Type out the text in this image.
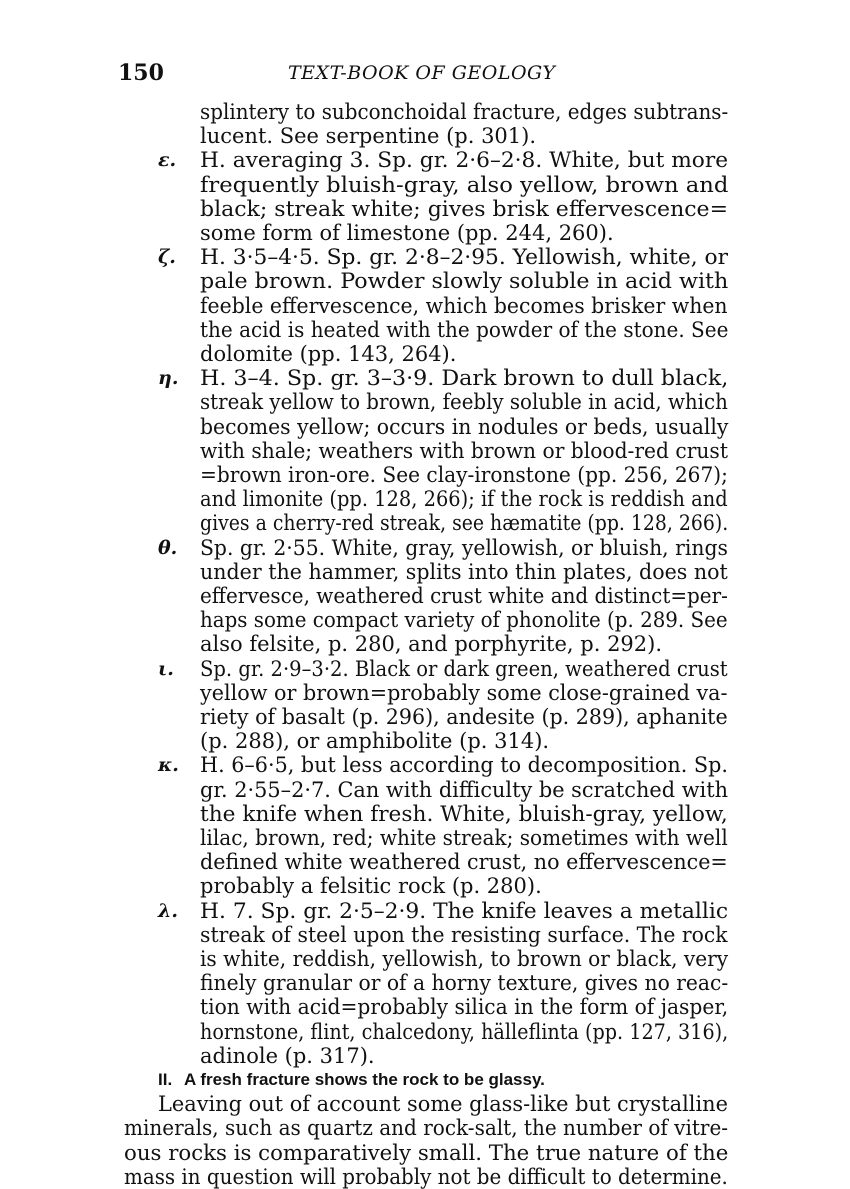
150	TEXT-BOOK OF GEOLOGY
splintery to subconchoidal fracture, edges subtrans-
lucent. See serpentine (p. 301).
ε. H. averaging 3. Sp. gr. 2·6–2·8. White, but more
frequently bluish-gray, also yellow, brown and
black; streak white; gives brisk effervescence=
some form of limestone (pp. 244, 260).
ζ. H. 3·5–4·5. Sp. gr. 2·8–2·95. Yellowish, white, or
pale brown. Powder slowly soluble in acid with
feeble effervescence, which becomes brisker when
the acid is heated with the powder of the stone. See
dolomite (pp. 143, 264).
η. H. 3–4. Sp. gr. 3–3·9. Dark brown to dull black,
streak yellow to brown, feebly soluble in acid, which
becomes yellow; occurs in nodules or beds, usually
with shale; weathers with brown or blood-red crust
=brown iron-ore. See clay-ironstone (pp. 256, 267);
and limonite (pp. 128, 266); if the rock is reddish and
gives a cherry-red streak, see hæmatite (pp. 128, 266).
θ. Sp. gr. 2·55. White, gray, yellowish, or bluish, rings
under the hammer, splits into thin plates, does not
effervesce, weathered crust white and distinct=per-
haps some compact variety of phonolite (p. 289. See
also felsite, p. 280, and porphyrite, p. 292).
ι. Sp. gr. 2·9–3·2. Black or dark green, weathered crust
yellow or brown=probably some close-grained va-
riety of basalt (p. 296), andesite (p. 289), aphanite
(p. 288), or amphibolite (p. 314).
κ. H. 6–6·5, but less according to decomposition. Sp.
gr. 2·55–2·7. Can with difficulty be scratched with
the knife when fresh. White, bluish-gray, yellow,
lilac, brown, red; white streak; sometimes with well
defined white weathered crust, no effervescence=
probably a felsitic rock (p. 280).
λ. H. 7. Sp. gr. 2·5–2·9. The knife leaves a metallic
streak of steel upon the resisting surface. The rock
is white, reddish, yellowish, to brown or black, very
finely granular or of a horny texture, gives no reac-
tion with acid=probably silica in the form of jasper,
hornstone, flint, chalcedony, hälleflinta (pp. 127, 316),
adinole (p. 317).
II. A fresh fracture shows the rock to be glassy.
Leaving out of account some glass-like but crystalline
minerals, such as quartz and rock-salt, the number of vitre-
ous rocks is comparatively small. The true nature of the
mass in question will probably not be difficult to determine.
